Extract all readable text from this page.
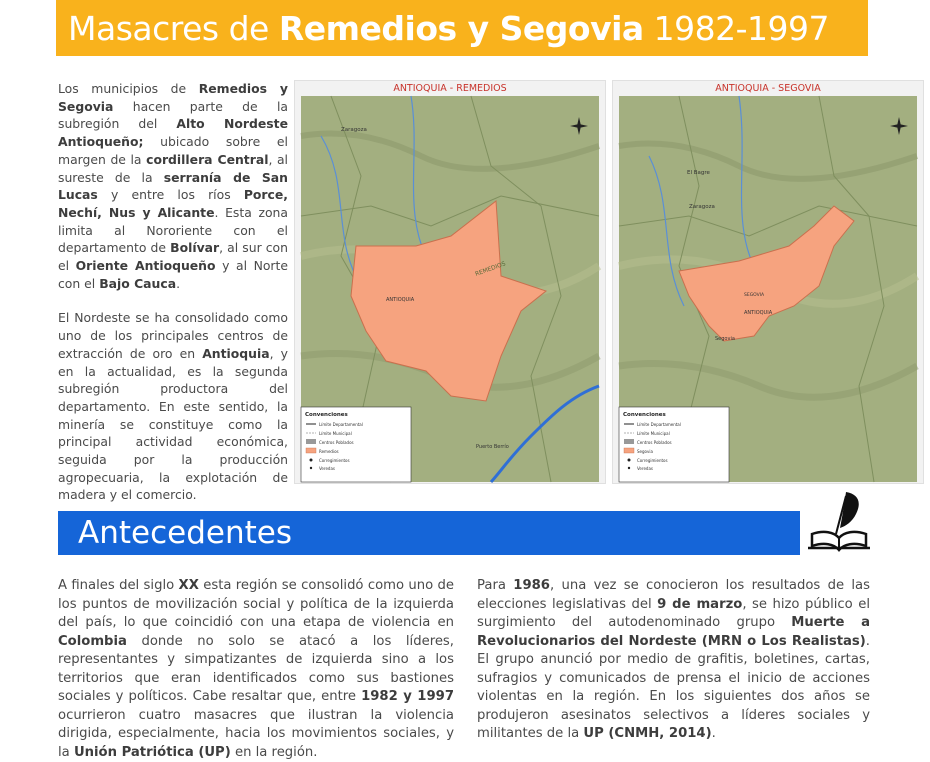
Masacres de Remedios y Segovia 1982-1997

Los municipios de Remedios y Segovia hacen parte de la subregión del Alto Nordeste Antioqueño; ubicado sobre el margen de la cordillera Central, al sureste de la serranía de San Lucas y entre los ríos Porce, Nechí, Nus y Alicante. Esta zona limita al Nororiente con el departamento de Bolívar, al sur con el Oriente Antioqueño y al Norte con el Bajo Cauca.

El Nordeste se ha consolidado como uno de los principales centros de extracción de oro en Antioquia, y en la actualidad, es la segunda subregión productora del departamento. En este sentido, la minería se constituye como la principal actividad económica, seguida por la producción agropecuaria, la explotación de madera y el comercio.

ANTIOQUIA - REMEDIOS
ANTIOQUIA
REMEDIOS
Zaragoza
Puerto Berrío
Convenciones
Límite Departamental
Límite Municipal
Centros Poblados
Remedios
Corregimientos
Veredas
ANTIOQUIA - SEGOVIA
ANTIOQUIA
SEGOVIA
El Bagre
Zaragoza
Segovia
Convenciones
Límite Departamental
Límite Municipal
Centros Poblados
Segovia
Corregimientos
Veredas
Antecedentes
A finales del siglo XX esta región se consolidó como uno de los puntos de movilización social y política de la izquierda del país, lo que coincidió con una etapa de violencia en Colombia donde no solo se atacó a los líderes, representantes y simpatizantes de izquierda sino a los territorios que eran identificados como sus bastiones sociales y políticos. Cabe resaltar que, entre 1982 y 1997 ocurrieron cuatro masacres que ilustran la violencia dirigida, especialmente, hacia los movimientos sociales, y la Unión Patriótica (UP) en la región.
Para 1986, una vez se conocieron los resultados de las elecciones legislativas del 9 de marzo, se hizo público el surgimiento del autodenominado grupo Muerte a Revolucionarios del Nordeste (MRN o Los Realistas). El grupo anunció por medio de grafitis, boletines, cartas, sufragios y comunicados de prensa el inicio de acciones violentas en la región. En los siguientes dos años se produjeron asesinatos selectivos a líderes sociales y militantes de la UP (CNMH, 2014).
